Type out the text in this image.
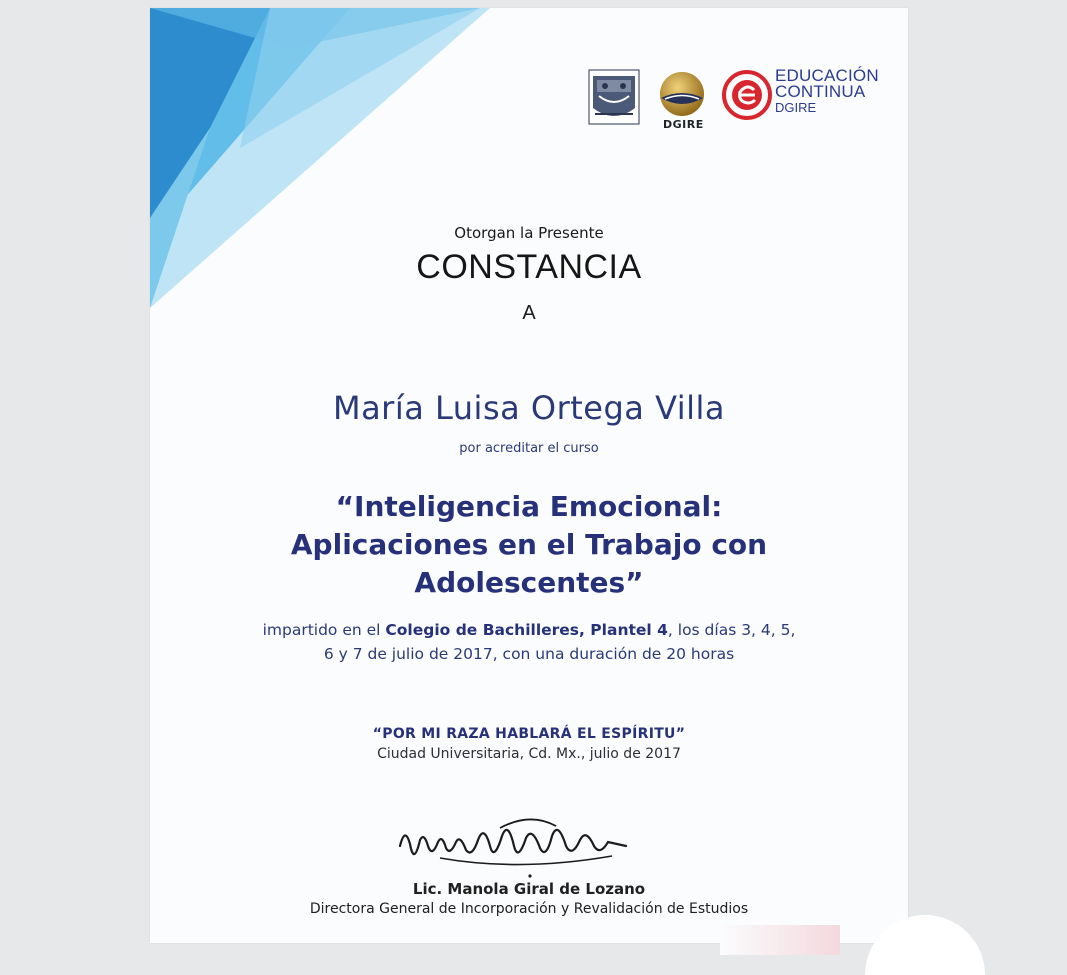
DGIRE
EDUCACIÓN
CONTINUA
DGIRE
Otorgan la Presente
CONSTANCIA
A
María Luisa Ortega Villa
por acreditar el curso
“Inteligencia Emocional:
Aplicaciones en el Trabajo con
Adolescentes”
impartido en el Colegio de Bachilleres, Plantel 4, los días 3, 4, 5,
6 y 7 de julio de 2017, con una duración de 20 horas
“POR MI RAZA HABLARÁ EL ESPÍRITU”
Ciudad Universitaria, Cd. Mx., julio de 2017
Lic. Manola Giral de Lozano
Directora General de Incorporación y Revalidación de Estudios
